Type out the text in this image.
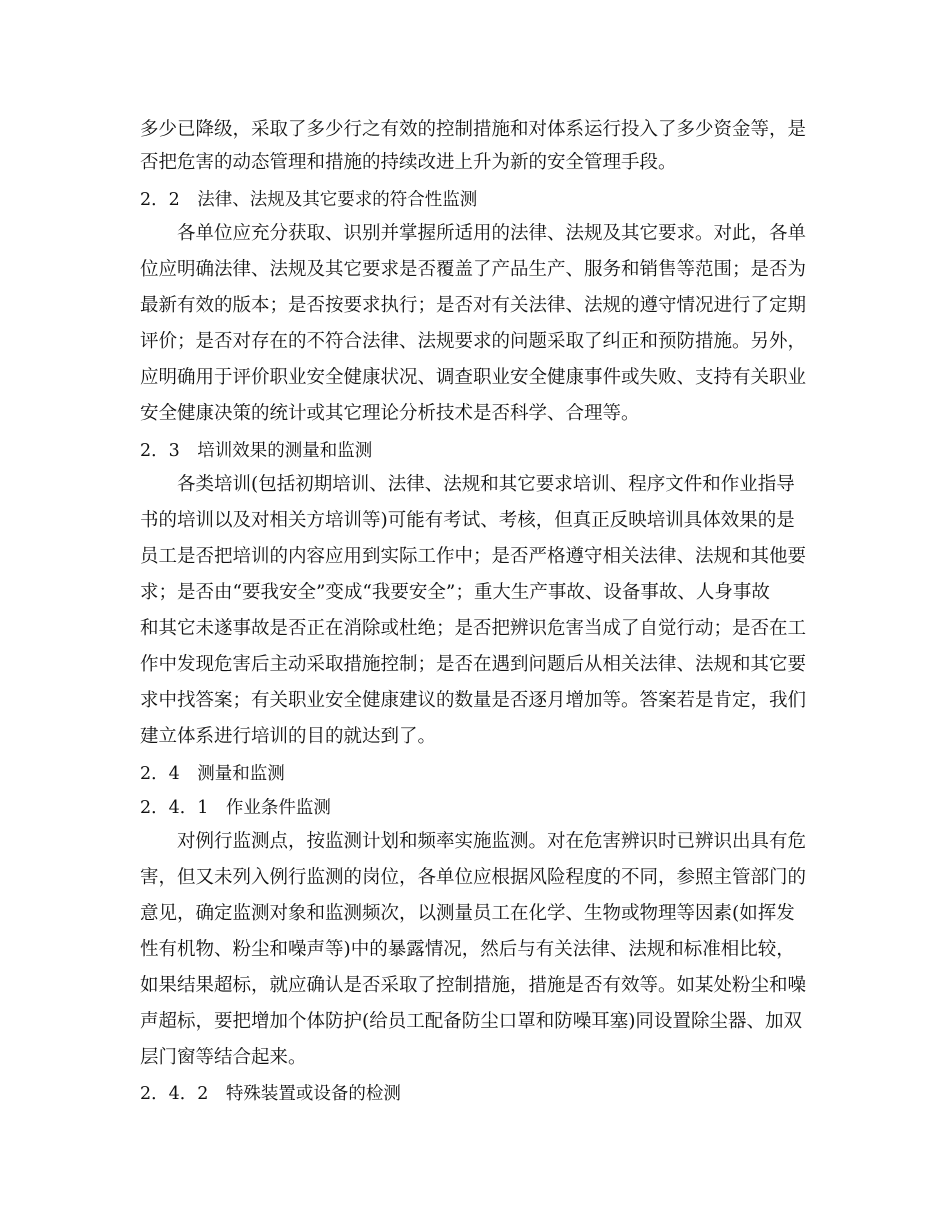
多少已降级，采取了多少行之有效的控制措施和对体系运行投入了多少资金等，是
否把危害的动态管理和措施的持续改进上升为新的安全管理手段。
2．2　法律、法规及其它要求的符合性监测
　　各单位应充分获取、识别并掌握所适用的法律、法规及其它要求。对此，各单
位应明确法律、法规及其它要求是否覆盖了产品生产、服务和销售等范围；是否为
最新有效的版本；是否按要求执行；是否对有关法律、法规的遵守情况进行了定期
评价；是否对存在的不符合法律、法规要求的问题采取了纠正和预防措施。另外，
应明确用于评价职业安全健康状况、调查职业安全健康事件或失败、支持有关职业
安全健康决策的统计或其它理论分析技术是否科学、合理等。
2．3　培训效果的测量和监测
　　各类培训(包括初期培训、法律、法规和其它要求培训、程序文件和作业指导
书的培训以及对相关方培训等)可能有考试、考核，但真正反映培训具体效果的是
员工是否把培训的内容应用到实际工作中；是否严格遵守相关法律、法规和其他要
求；是否由“要我安全”变成“我要安全”；重大生产事故、设备事故、人身事故
和其它未遂事故是否正在消除或杜绝；是否把辨识危害当成了自觉行动；是否在工
作中发现危害后主动采取措施控制；是否在遇到问题后从相关法律、法规和其它要
求中找答案；有关职业安全健康建议的数量是否逐月增加等。答案若是肯定，我们
建立体系进行培训的目的就达到了。
2．4　测量和监测
2．4．1　作业条件监测
　　对例行监测点，按监测计划和频率实施监测。对在危害辨识时已辨识出具有危
害，但又未列入例行监测的岗位，各单位应根据风险程度的不同，参照主管部门的
意见，确定监测对象和监测频次，以测量员工在化学、生物或物理等因素(如挥发
性有机物、粉尘和噪声等)中的暴露情况，然后与有关法律、法规和标准相比较，
如果结果超标，就应确认是否采取了控制措施，措施是否有效等。如某处粉尘和噪
声超标，要把增加个体防护(给员工配备防尘口罩和防噪耳塞)同设置除尘器、加双
层门窗等结合起来。
2．4．2　特殊装置或设备的检测
